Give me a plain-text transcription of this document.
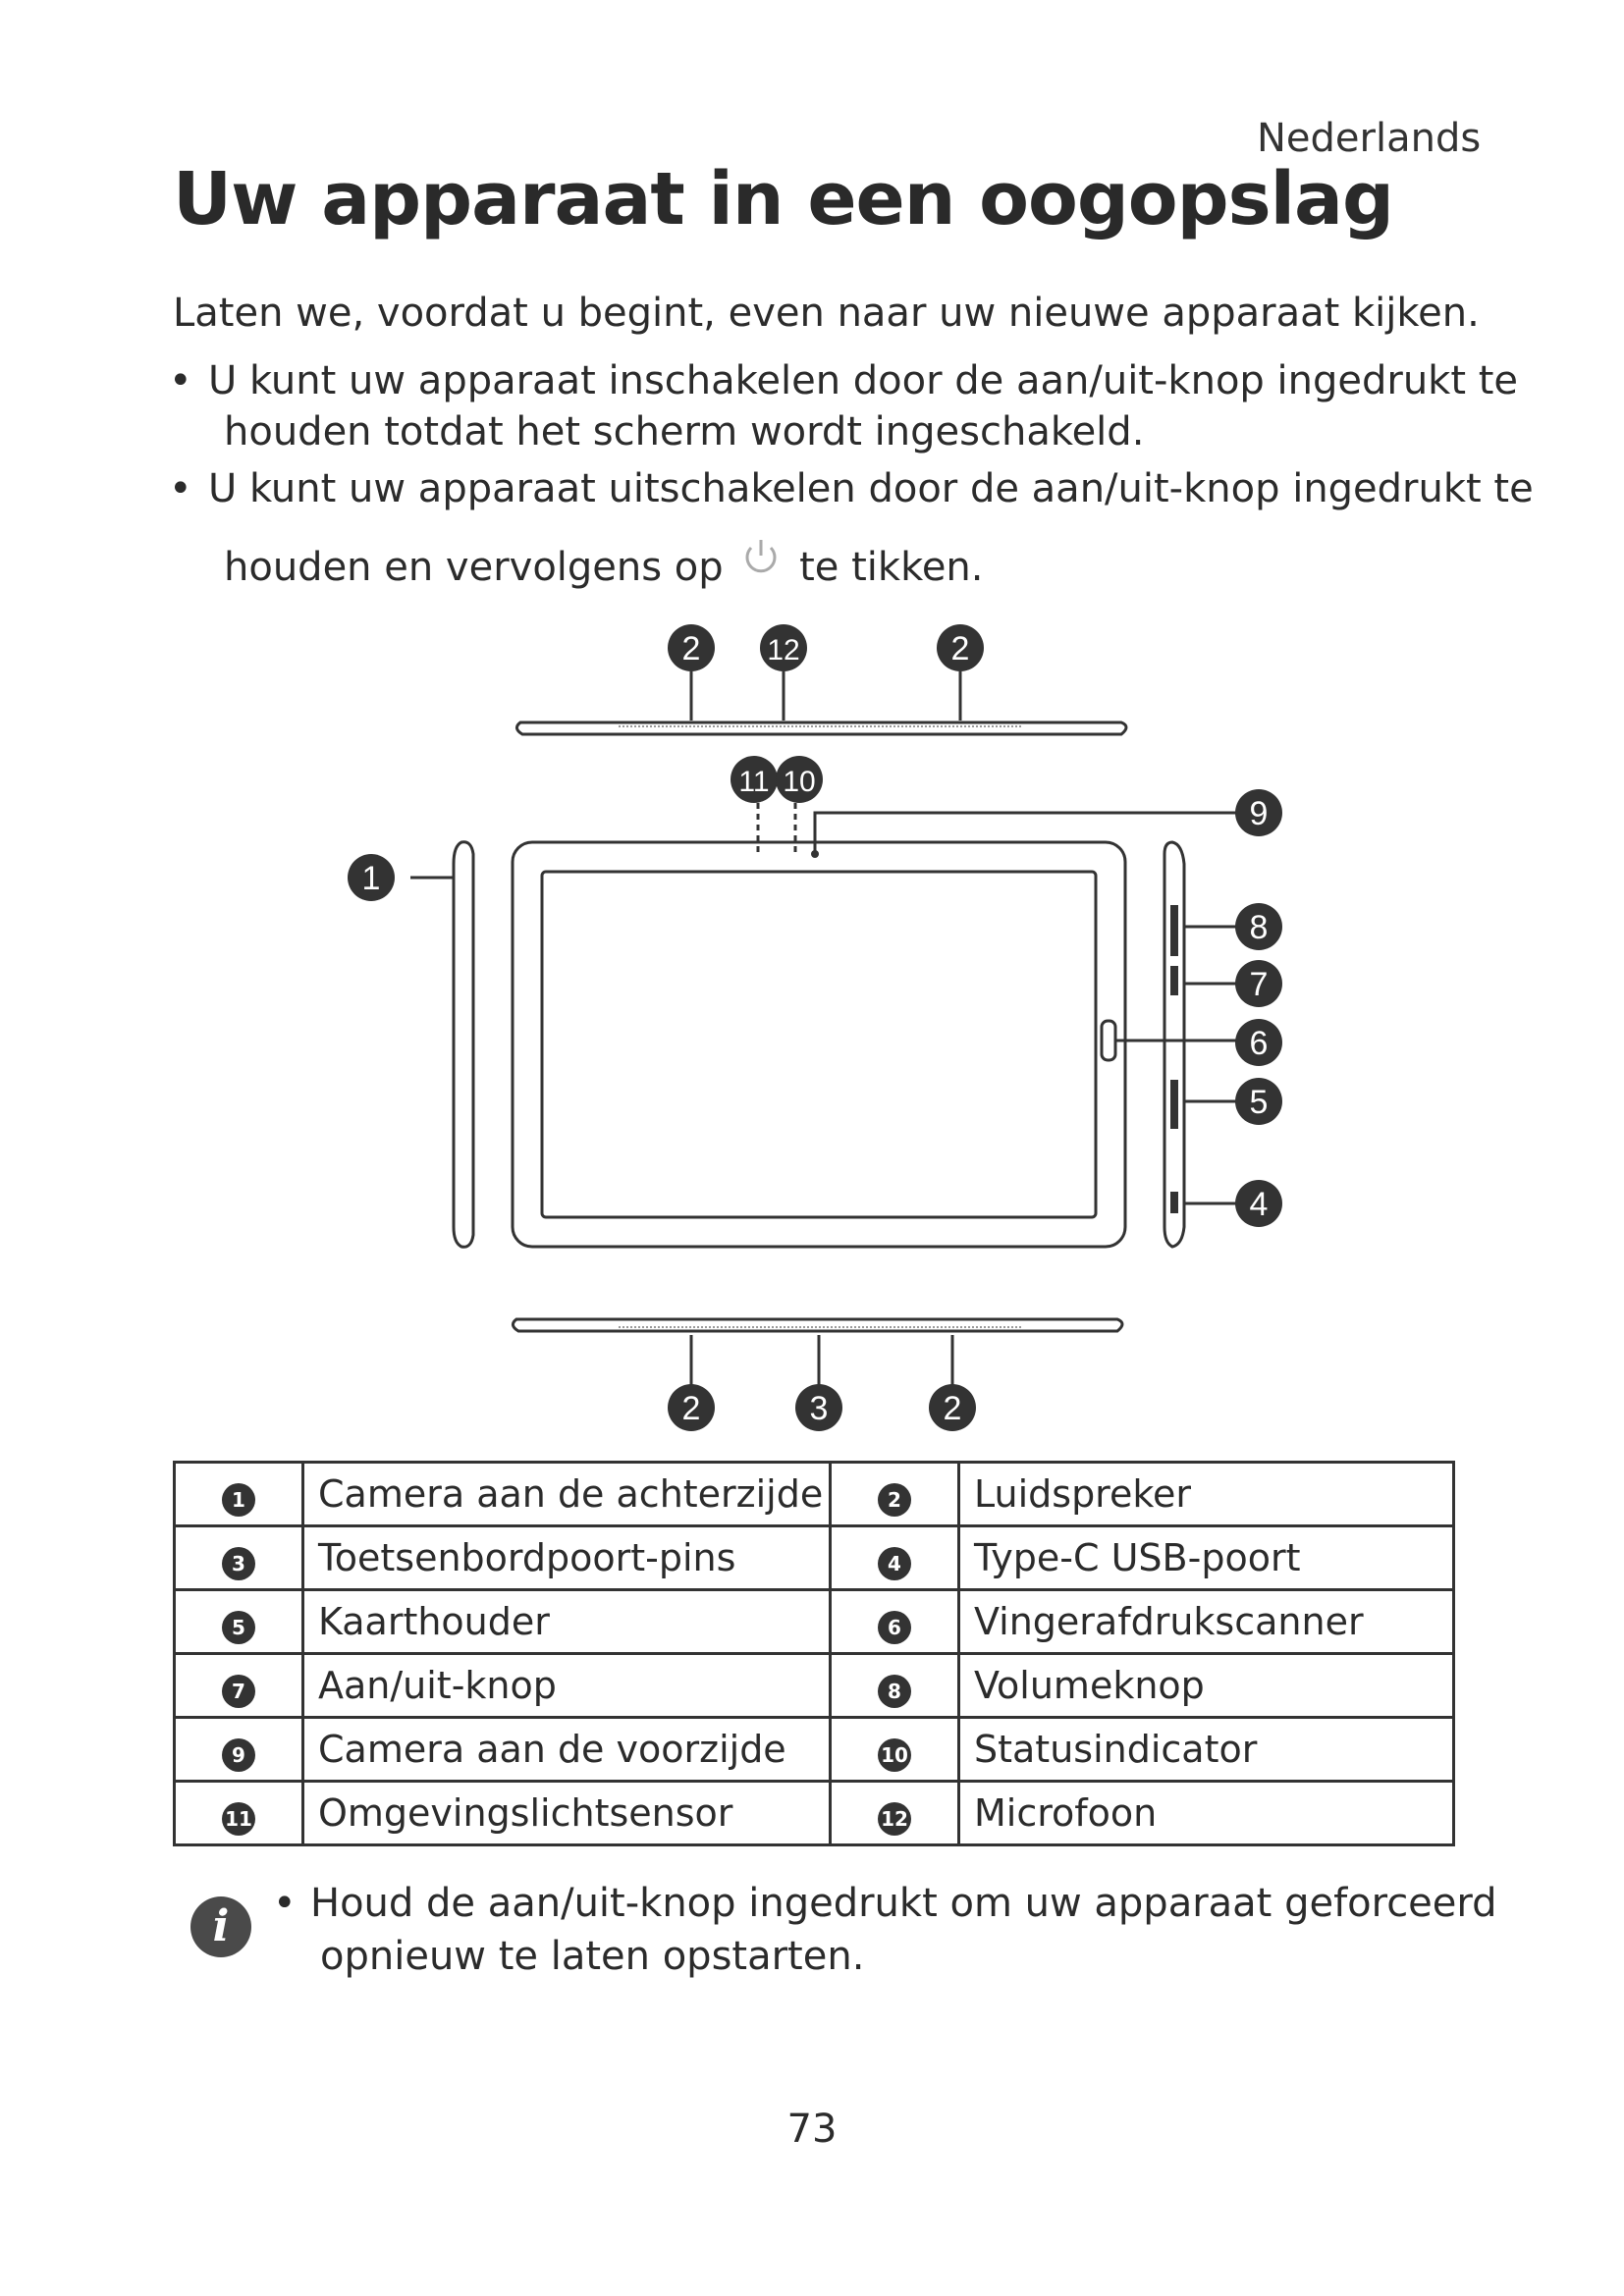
Nederlands
Uw apparaat in een oogopslag
Laten we, voordat u begint, even naar uw nieuwe apparaat kijken.
• U kunt uw apparaat inschakelen door de aan/uit-knop ingedrukt te
houden totdat het scherm wordt ingeschakeld.
• U kunt uw apparaat uitschakelen door de aan/uit-knop ingedrukt te
houden en vervolgens op te tikken.
1
2 12	2
11 10
9
8
7
6
5
4
2	3	2
1	Camera aan de achterzijde	2	Luidspreker
3	Toetsenbordpoort-pins	4	Type-C USB-poort
5	Kaarthouder	6	Vingerafdrukscanner
7	Aan/uit-knop	8	Volumeknop
9	Camera aan de voorzijde	10	Statusindicator
11	Omgevingslichtsensor	12	Microfoon
i	• Houd de aan/uit-knop ingedrukt om uw apparaat geforceerd
opnieuw te laten opstarten.
73
